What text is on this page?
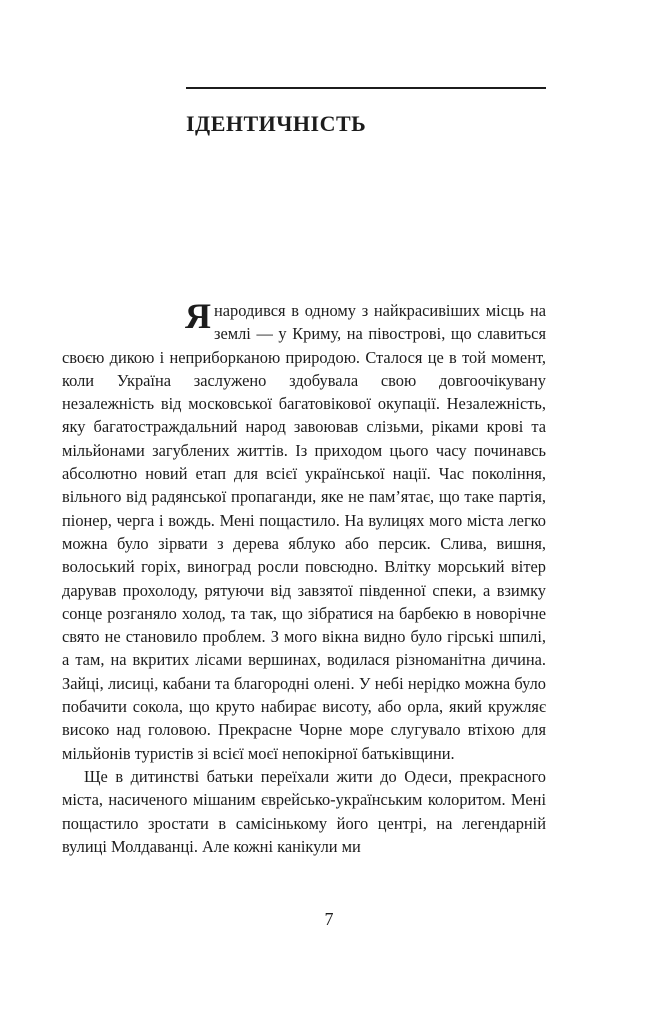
ІДЕНТИЧНІСТЬ

Я народився в одному з найкрасивіших місць на землі — у Криму, на півострові, що славиться своєю дикою і неприборканою природою. Сталося це в той момент, коли Україна заслужено здобувала свою довгоочікувану незалежність від московської багатовікової окупації. Незалежність, яку багатостраждальний народ завоював слізьми, ріками крові та мільйонами загублених життів. Із приходом цього часу починавсь абсолютно новий етап для всієї української нації. Час покоління, вільного від радянської пропаганди, яке не пам’ятає, що таке партія, піонер, черга і вождь. Мені пощастило. На вулицях мого міста легко можна було зірвати з дерева яблуко або персик. Слива, вишня, волоський горіх, виноград росли повсюдно. Влітку морський вітер дарував прохолоду, рятуючи від завзятої південної спеки, а взимку сонце розганяло холод, та так, що зібратися на барбекю в новорічне свято не становило проблем. З мого вікна видно було гірські шпилі, а там, на вкритих лісами вершинах, водилася різноманітна дичина. Зайці, лисиці, кабани та благородні олені. У небі нерідко можна було побачити сокола, що круто набирає висоту, або орла, який кружляє високо над головою. Прекрасне Чорне море слугувало втіхою для мільйонів туристів зі всієї моєї непокірної батьківщини.

Ще в дитинстві батьки переїхали жити до Одеси, прекрасного міста, насиченого мішаним єврейсько-українським колоритом. Мені пощастило зростати в самісінькому його центрі, на легендарній вулиці Молдаванці. Але кожні канікули ми

7
